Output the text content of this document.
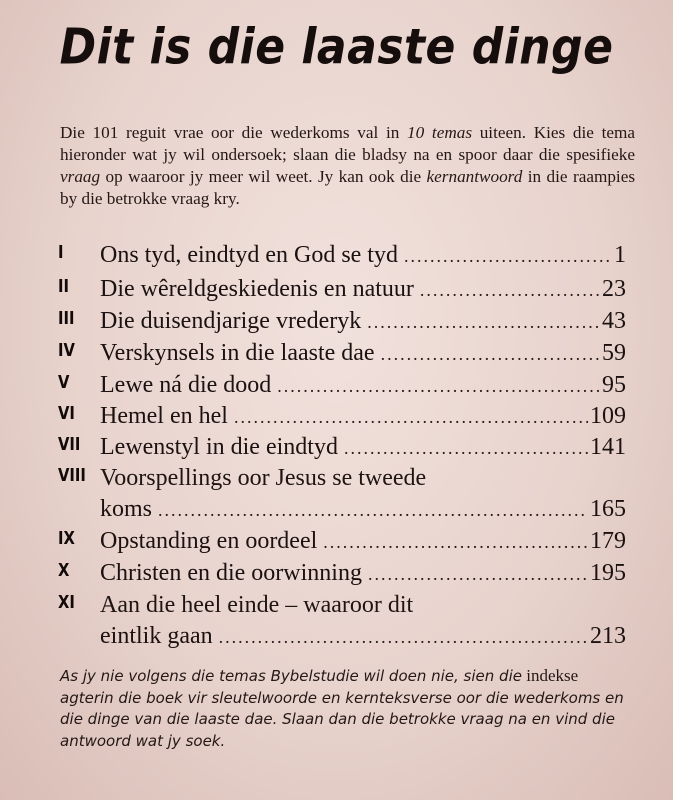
Dit is die laaste dinge
Die 101 reguit vrae oor die wederkoms val in 10 temas uiteen. Kies die tema hieronder wat jy wil ondersoek; slaan die bladsy na en spoor daar die spesifieke vraag op waaroor jy meer wil weet. Jy kan ook die kernantwoord in die raampies by die betrokke vraag kry.
I Ons tyd, eindtyd en God se tyd .....	1
II Die wêreldgeskiedenis en natuur .....	23
III Die duisendjarige vrederyk .....	43
IV Verskynsels in die laaste dae .....	59
V Lewe ná die dood .....	95
VI Hemel en hel .....	109
VII Lewenstyl in die eindtyd .....	141
VIII Voorspellings oor Jesus se tweede
koms .....	165
IX Opstanding en oordeel .....	179
X Christen en die oorwinning .....	195
XI Aan die heel einde – waaroor dit
eintlik gaan .....	213
As jy nie volgens die temas Bybelstudie wil doen nie, sien die indekse agterin die boek vir sleutelwoorde en kernteksverse oor die wederkoms en die dinge van die laaste dae. Slaan dan die betrokke vraag na en vind die antwoord wat jy soek.
